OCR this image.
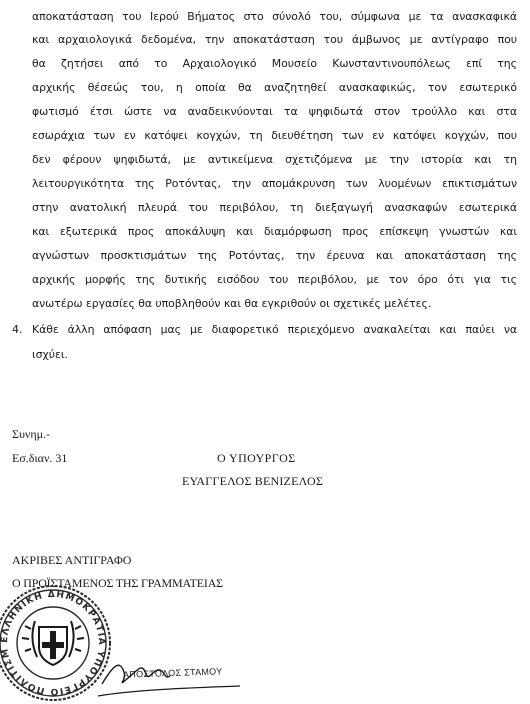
αποκατάσταση του Ιερού Βήματος στο σύνολό του, σύμφωνα με τα ανασκαφικά
και αρχαιολογικά δεδομένα, την αποκατάσταση του άμβωνος με αντίγραφο που
θα ζητήσει από το Αρχαιολογικό Μουσείο Κωνσταντινουπόλεως επί της
αρχικής θέσεώς του, η οποία θα αναζητηθεί ανασκαφικώς, τον εσωτερικό
φωτισμό έτσι ώστε να αναδεικνύονται τα ψηφιδωτά στον τρούλλο και στα
εσωράχια των εν κατόψει κογχών, τη διευθέτηση των εν κατόψει κογχών, που
δεν φέρουν ψηφιδωτά, με αντικείμενα σχετιζόμενα με την ιστορία και τη
λειτουργικότητα της Ροτόντας, την απομάκρυνση των λυομένων επικτισμάτων
στην ανατολική πλευρά του περιβόλου, τη διεξαγωγή ανασκαφών εσωτερικά
και εξωτερικά προς αποκάλυψη και διαμόρφωση προς επίσκεψη γνωστών και
αγνώστων προσκτισμάτων της Ροτόντας, την έρευνα και αποκατάσταση της
αρχικής μορφής της δυτικής εισόδου του περιβόλου, με τον όρο ότι για τις
ανωτέρω εργασίες θα υποβληθούν και θα εγκριθούν οι σχετικές μελέτες.
4. Κάθε άλλη απόφαση μας με διαφορετικό περιεχόμενο ανακαλείται και παύει να
ισχύει.
Συνημ.-
Εσ.διαν. 31	Ο ΥΠΟΥΡΓΟΣ
ΕΥΑΓΓΕΛΟΣ ΒΕΝΙΖΕΛΟΣ
ΑΚΡΙΒΕΣ ΑΝΤΙΓΡΑΦΟ
Ο ΠΡΟΪΣΤΑΜΕΝΟΣ ΤΗΣ ΓΡΑΜΜΑΤΕΙΑΣ
ΕΛΛΗΝΙΚΗ ΔΗΜΟΚΡΑΤΙΑ ΥΠΟΥΡΓΕΙΟ ΠΟΛΙΤΙΣΜ
ΑΠΟΣΤΟΛΟΣ ΣΤΑΜΟΥ
